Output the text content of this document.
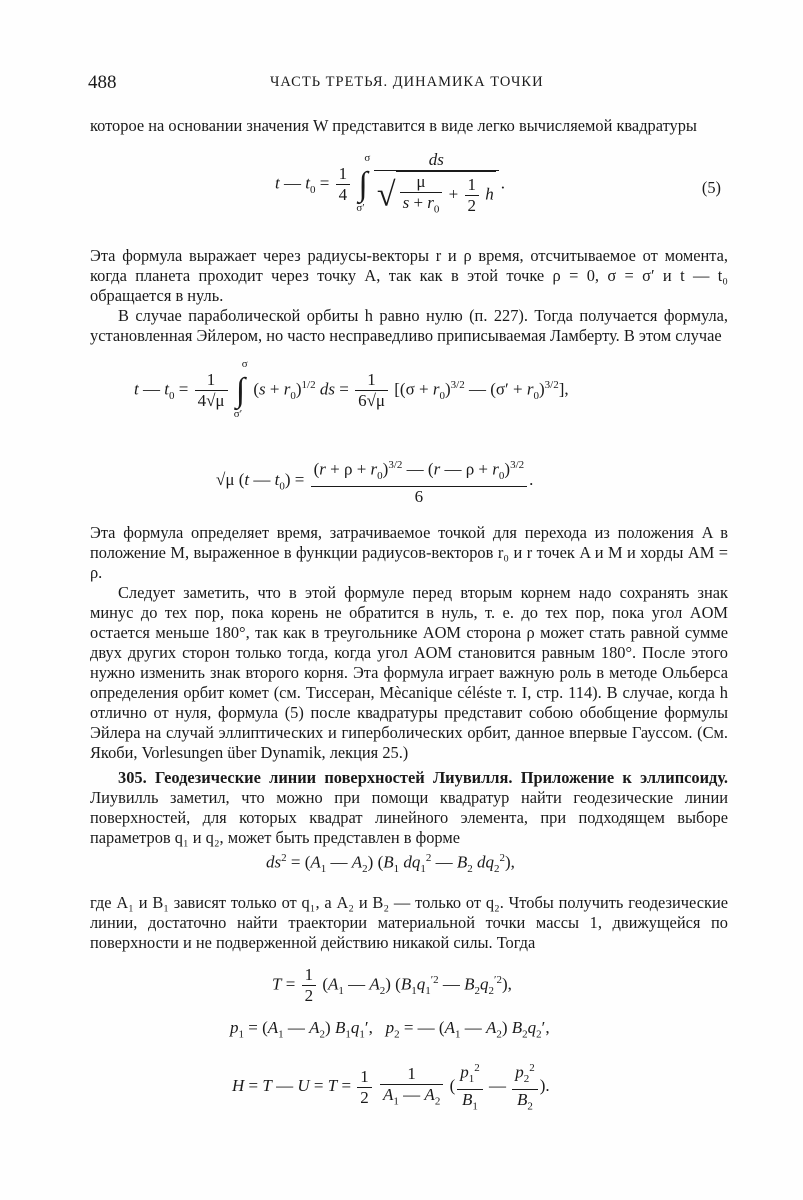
488	ЧАСТЬ ТРЕТЬЯ. ДИНАМИКА ТОЧКИ
которое на основании значения W представится в виде легко вычисляемой квадратуры
t — $t_0 = \frac{1}{4}$ ∫
σ
σ′
$\frac{ds}{√ \frac{\mu}{s + r_0} + \frac{1}{2} h}$ .	(5)
Эта формула выражает через радиусы-векторы r и ρ время, отсчитываемое от момента, когда планета проходит через точку A, так как в этой точке ρ = 0, σ = σ′ и t — t₀ обращается в нуль.
В случае параболической орбиты h равно нулю (п. 227). Тогда получается формула, установленная Эйлером, но часто несправедливо приписываемая Ламберту. В этом случае
t — $t_0 = \frac{1}{4√\mu}$ ∫
σ
σ′
$(s + r_0)^{1/2}$ ds = $\frac{1}{6√\mu} [(\sigma + r_0)^{3/2}$ — $(\sigma' + r_0)^{3/2}$],
√μ (t — $t_0) = \frac{(r + \rho + r_0)^{3/2} — (r — \rho + r_0)^{3/2}}{6}$ .
Эта формула определяет время, затрачиваемое точкой для перехода из положения A в положение M, выраженное в функции радиусов-векторов r₀ и r точек A и M и хорды AM = ρ.
Следует заметить, что в этой формуле перед вторым корнем надо сохранять знак минус до тех пор, пока корень не обратится в нуль, т. е. до тех пор, пока угол AOM остается меньше 180°, так как в треугольнике AOM сторона ρ может стать равной сумме двух других сторон только тогда, когда угол AOM становится равным 180°. После этого нужно изменить знак второго корня. Эта формула играет важную роль в методе Ольберса определения орбит комет (см. Тиссеран, Mècanique céléste т. I, стр. 114). В случае, когда h отлично от нуля, формула (5) после квадратуры представит собою обобщение формулы Эйлера на случай эллиптических и гиперболических орбит, данное впервые Гауссом. (См. Якоби, Vorlesungen über Dynamik, лекция 25.)
305. Геодезические линии поверхностей Лиувилля. Приложение к эллипсоиду. Лиувилль заметил, что можно при помощи квадратур найти геодезические линии поверхностей, для которых квадрат линейного элемента, при подходящем выборе параметров q₁ и q₂, может быть представлен в форме
$ds^2 = (A_1$ — $A_2$) ($B_1$ $dq_1^2$ — $B_2$ $dq_2^2$),
где A₁ и B₁ зависят только от q₁, а A₂ и B₂ — только от q₂. Чтобы получить геодезические линии, достаточно найти траектории материальной точки массы 1, движущейся по поверхности и не подверженной действию никакой силы. Тогда
$T = \frac{1}{2} (A_1$ — $A_2$) ($B_1q_1^{'2}$ — $B_2q_2^{'2}$),
$p_1 = (A_1$ — $A_2$) $B_1q_1'$,   $p_2$ = — ($A_1$ — $A_2$) $B_2q_2'$,
H = T — $U = T = \frac{1}{2}$
$\frac{1}{A_1 — A_2}$ ( $\frac{p_1^2}{B_1}$ — $\frac{p_2^2}{B_2}$ ).
